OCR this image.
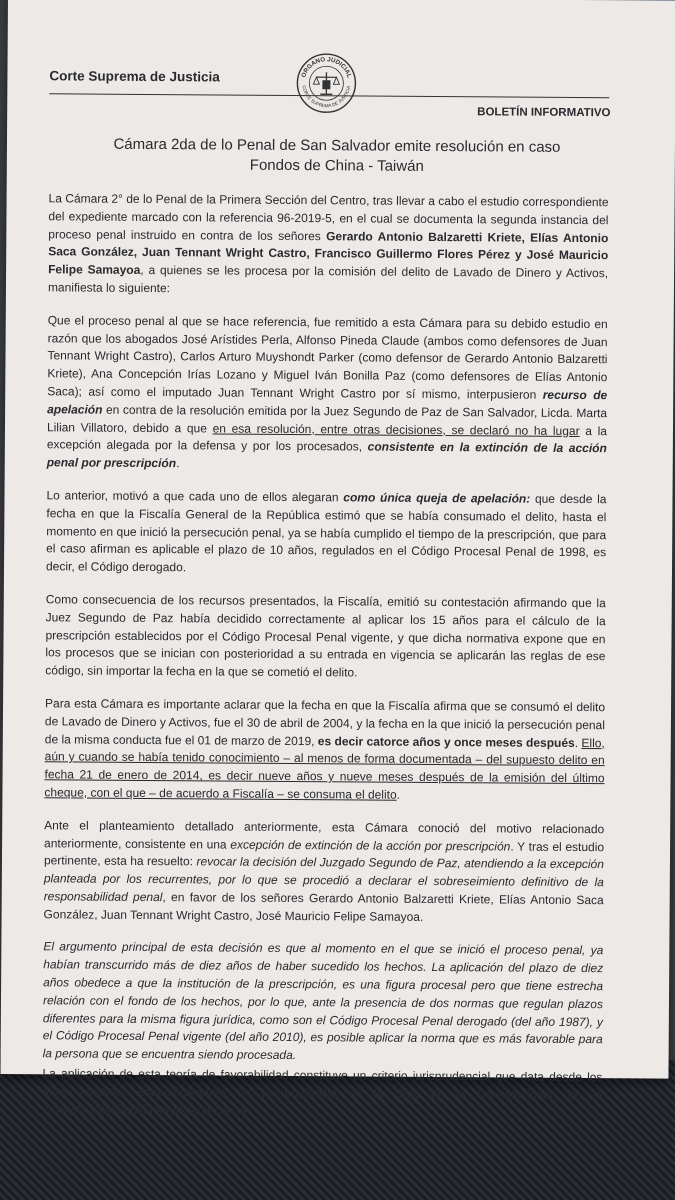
Corte Suprema de Justicia	ORGANO JUDICIAL
CORTE SUPREMA DE JUSTICIA
BOLETÍN INFORMATIVO
Cámara 2da de lo Penal de San Salvador emite resolución en caso
Fondos de China - Taiwán

La Cámara 2° de lo Penal de la Primera Sección del Centro, tras llevar a cabo el estudio correspondiente del expediente marcado con la referencia 96-2019-5, en el cual se documenta la segunda instancia del proceso penal instruido en contra de los señores Gerardo Antonio Balzaretti Kriete, Elías Antonio Saca González, Juan Tennant Wright Castro, Francisco Guillermo Flores Pérez y José Mauricio Felipe Samayoa, a quienes se les procesa por la comisión del delito de Lavado de Dinero y Activos, manifiesta lo siguiente:

Que el proceso penal al que se hace referencia, fue remitido a esta Cámara para su debido estudio en razón que los abogados José Arístides Perla, Alfonso Pineda Claude (ambos como defensores de Juan Tennant Wright Castro), Carlos Arturo Muyshondt Parker (como defensor de Gerardo Antonio Balzaretti Kriete), Ana Concepción Irías Lozano y Miguel Iván Bonilla Paz (como defensores de Elías Antonio Saca); así como el imputado Juan Tennant Wright Castro por sí mismo, interpusieron recurso de apelación en contra de la resolución emitida por la Juez Segundo de Paz de San Salvador, Licda. Marta Lilian Villatoro, debido a que en esa resolución, entre otras decisiones, se declaró no ha lugar a la excepción alegada por la defensa y por los procesados, consistente en la extinción de la acción penal por prescripción.

Lo anterior, motivó a que cada uno de ellos alegaran como única queja de apelación: que desde la fecha en que la Fiscalía General de la República estimó que se había consumado el delito, hasta el momento en que inició la persecución penal, ya se había cumplido el tiempo de la prescripción, que para el caso afirman es aplicable el plazo de 10 años, regulados en el Código Procesal Penal de 1998, es decir, el Código derogado.

Como consecuencia de los recursos presentados, la Fiscalía, emitió su contestación afirmando que la Juez Segundo de Paz había decidido correctamente al aplicar los 15 años para el cálculo de la prescripción establecidos por el Código Procesal Penal vigente, y que dicha normativa expone que en los procesos que se inician con posterioridad a su entrada en vigencia se aplicarán las reglas de ese código, sin importar la fecha en la que se cometió el delito.

Para esta Cámara es importante aclarar que la fecha en que la Fiscalía afirma que se consumó el delito de Lavado de Dinero y Activos, fue el 30 de abril de 2004, y la fecha en la que inició la persecución penal de la misma conducta fue el 01 de marzo de 2019, es decir catorce años y once meses después. Ello, aún y cuando se había tenido conocimiento – al menos de forma documentada – del supuesto delito en fecha 21 de enero de 2014, es decir nueve años y nueve meses después de la emisión del último cheque, con el que – de acuerdo a Fiscalía – se consuma el delito.

Ante el planteamiento detallado anteriormente, esta Cámara conoció del motivo relacionado anteriormente, consistente en una excepción de extinción de la acción por prescripción. Y tras el estudio pertinente, esta ha resuelto: revocar la decisión del Juzgado Segundo de Paz, atendiendo a la excepción planteada por los recurrentes, por lo que se procedió a declarar el sobreseimiento definitivo de la responsabilidad penal, en favor de los señores Gerardo Antonio Balzaretti Kriete, Elías Antonio Saca González, Juan Tennant Wright Castro, José Mauricio Felipe Samayoa.

El argumento principal de esta decisión es que al momento en el que se inició el proceso penal, ya habían transcurrido más de diez años de haber sucedido los hechos. La aplicación del plazo de diez años obedece a que la institución de la prescripción, es una figura procesal pero que tiene estrecha relación con el fondo de los hechos, por lo que, ante la presencia de dos normas que regulan plazos diferentes para la misma figura jurídica, como son el Código Procesal Penal derogado (del año 1987), y el Código Procesal Penal vigente (del año 2010), es posible aplicar la norma que es más favorable para la persona que se encuentra siendo procesada.

La aplicación de esta teoría de favorabilidad constituye un criterio jurisprudencial que data desde los años noventa, específicamente en jurisprudencia de la Sala de lo Constitucional, en la inconstitucionalidad identificada con la
